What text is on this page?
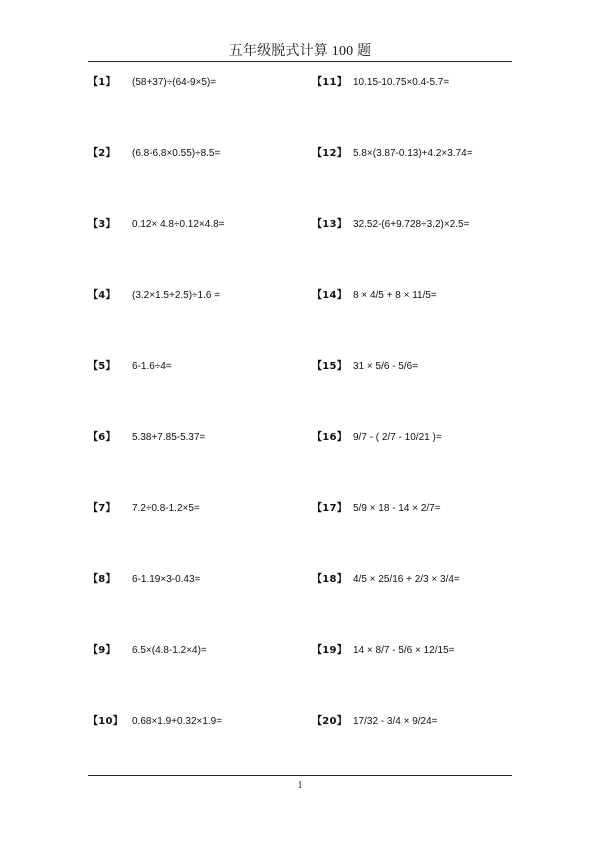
五年级脱式计算 100 题
【1】 (58+37)÷(64-9×5)=
【2】 (6.8-6.8×0.55)÷8.5=
【3】 0.12× 4.8÷0.12×4.8=
【4】 (3.2×1.5+2.5)÷1.6 =
【5】 6-1.6÷4=
【6】 5.38+7.85-5.37=
【7】 7.2÷0.8-1.2×5=
【8】 6-1.19×3-0.43=
【9】 6.5×(4.8-1.2×4)=
【10】 0.68×1.9+0.32×1.9=
【11】 10.15-10.75×0.4-5.7=
【12】 5.8×(3.87-0.13)+4.2×3.74=
【13】 32.52-(6+9.728÷3.2)×2.5=
【14】 8 × 4/5 + 8 × 11/5=
【15】 31 × 5/6 - 5/6=
【16】 9/7 - ( 2/7 - 10/21 )=
【17】 5/9 × 18 - 14 × 2/7=
【18】 4/5 × 25/16 + 2/3 × 3/4=
【19】 14 × 8/7 - 5/6 × 12/15=
【20】 17/32 - 3/4 × 9/24=
1
